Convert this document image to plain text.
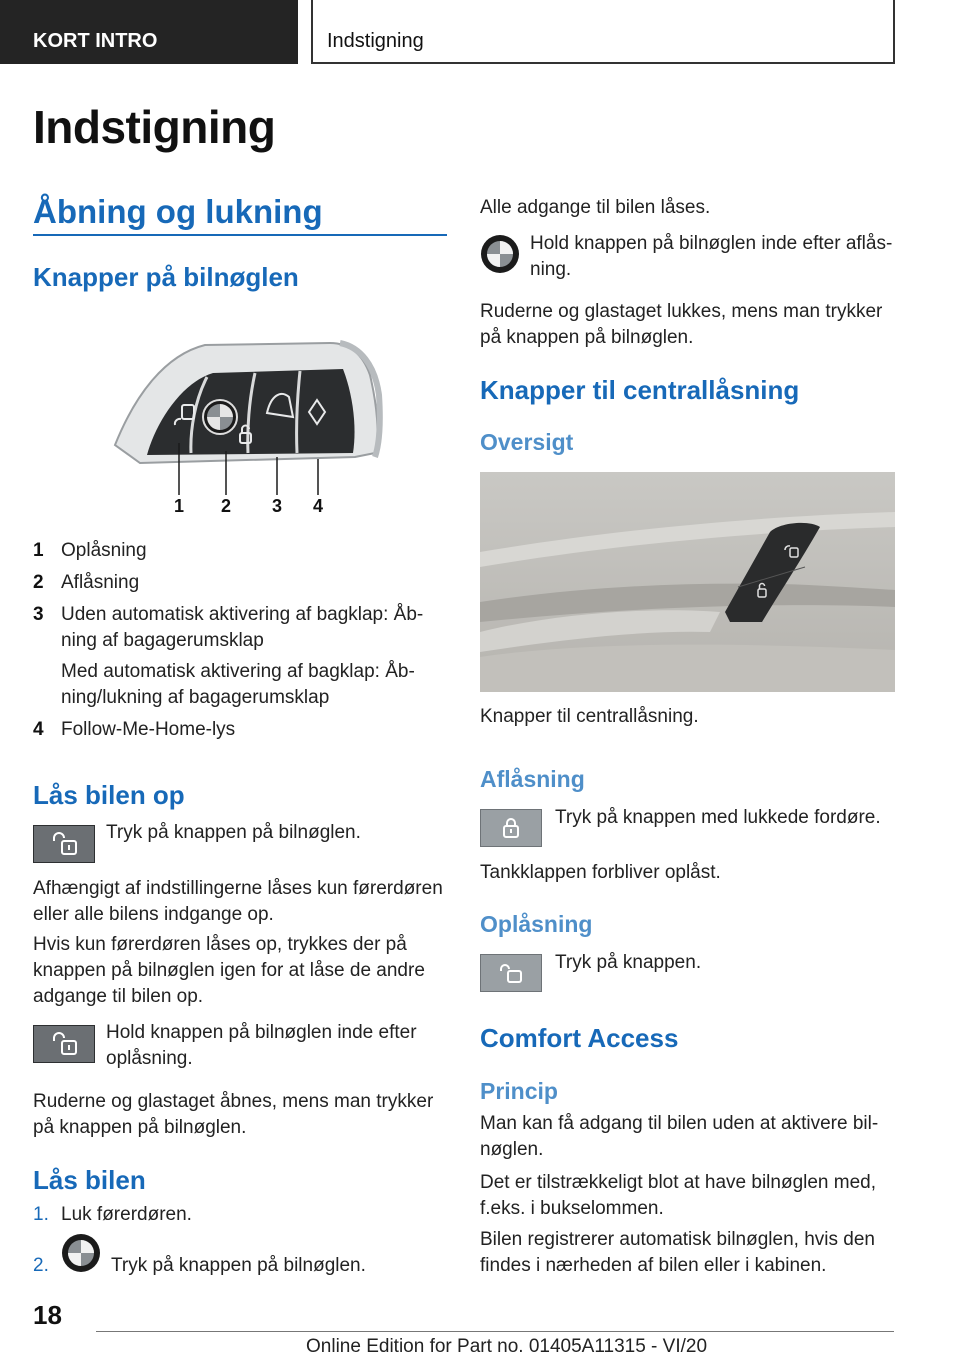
KORT INTRO	Indstigning
Indstigning
Åbning og lukning
Knapper på bilnøglen
1 2 3 4
1 Oplåsning
2 Aflåsning
3 Uden automatisk aktivering af bagklap: Åb-
ning af bagagerumsklap
Med automatisk aktivering af bagklap: Åb-
ning/lukning af bagagerumsklap
4 Follow-Me-Home-lys
Lås bilen op
Tryk på knappen på bilnøglen.
Afhængigt af indstillingerne låses kun førerdøren
eller alle bilens indgange op.
Hvis kun førerdøren låses op, trykkes der på
knappen på bilnøglen igen for at låse de andre
adgange til bilen op.
Hold knappen på bilnøglen inde efter
oplåsning.
Ruderne og glastaget åbnes, mens man trykker
på knappen på bilnøglen.
Lås bilen
1. Luk førerdøren.
2.	Tryk på knappen på bilnøglen.
Alle adgange til bilen låses.
Hold knappen på bilnøglen inde efter aflås-
ning.
Ruderne og glastaget lukkes, mens man trykker
på knappen på bilnøglen.
Knapper til centrallåsning
Oversigt
Knapper til centrallåsning.
Aflåsning
Tryk på knappen med lukkede fordøre.
Tankklappen forbliver oplåst.
Oplåsning
Tryk på knappen.
Comfort Access
Princip
Man kan få adgang til bilen uden at aktivere bil-
nøglen.
Det er tilstrækkeligt blot at have bilnøglen med,
f.eks. i bukselommen.
Bilen registrerer automatisk bilnøglen, hvis den
findes i nærheden af bilen eller i kabinen.
18
Online Edition for Part no. 01405A11315 - VI/20
